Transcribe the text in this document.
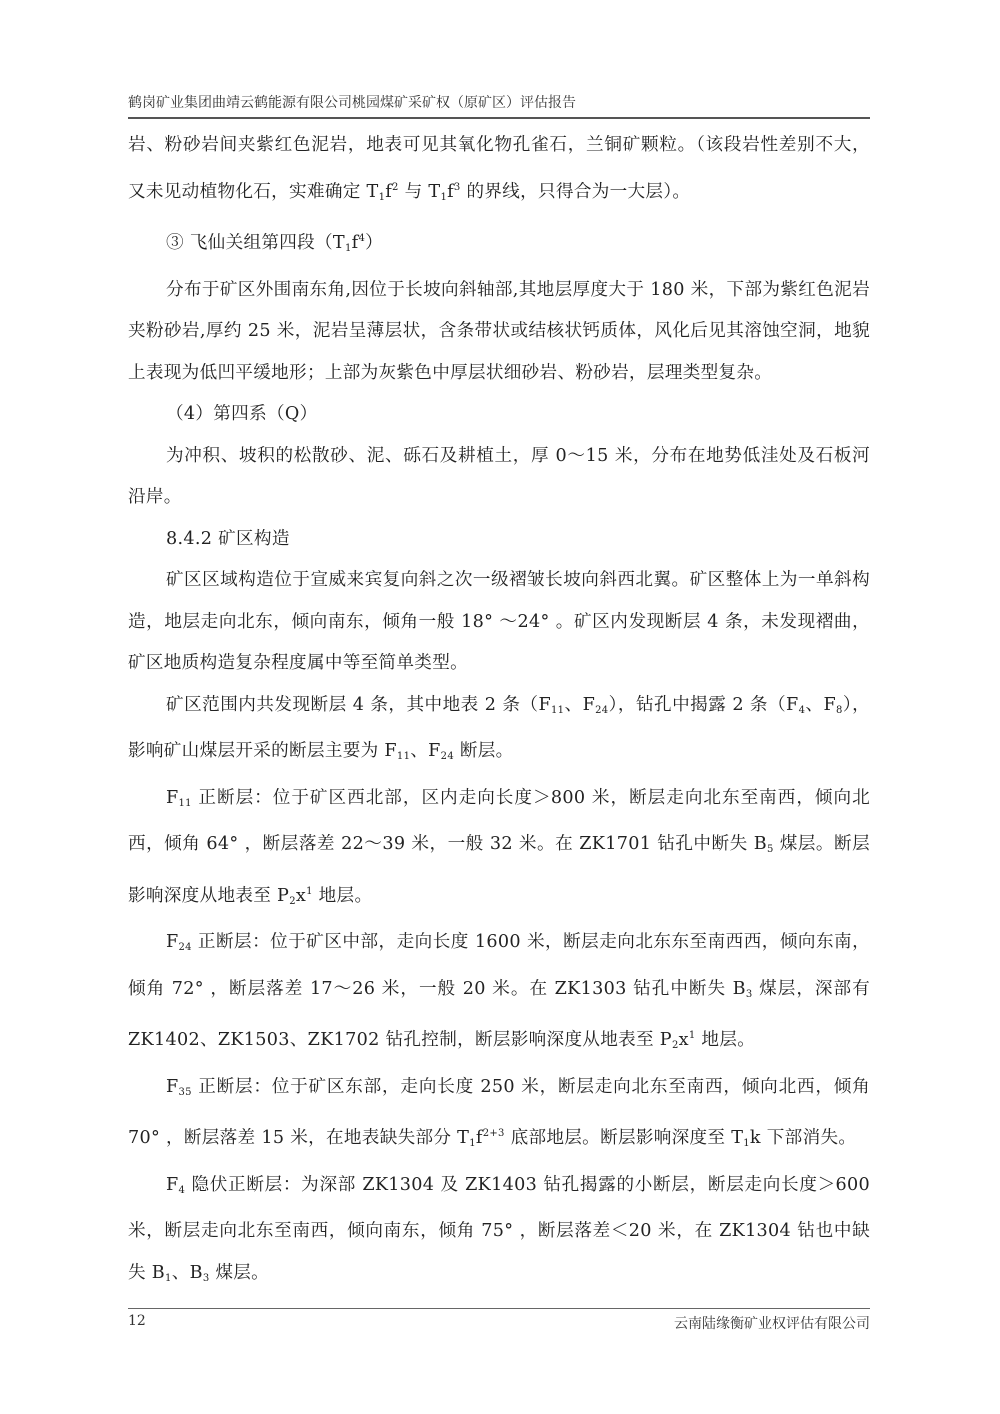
鹤岗矿业集团曲靖云鹤能源有限公司桃园煤矿采矿权（原矿区）评估报告

岩、粉砂岩间夹紫红色泥岩，地表可见其氧化物孔雀石，兰铜矿颗粒。（该段岩性差别不大，又未见动植物化石，实难确定 $T_1f^2$ 与 $T_1f^3$ 的界线，只得合为一大层）。

③ 飞仙关组第四段$(T_1f^4)$

分布于矿区外围南东角,因位于长坡向斜轴部,其地层厚度大于 180 米，下部为紫红色泥岩夹粉砂岩,厚约 25 米，泥岩呈薄层状，含条带状或结核状钙质体，风化后见其溶蚀空洞，地貌上表现为低凹平缓地形；上部为灰紫色中厚层状细砂岩、粉砂岩，层理类型复杂。

（4）第四系（Q）

为冲积、坡积的松散砂、泥、砾石及耕植土，厚 0～15 米，分布在地势低洼处及石板河沿岸。

8.4.2 矿区构造

矿区区域构造位于宣威来宾复向斜之次一级褶皱长坡向斜西北翼。矿区整体上为一单斜构造，地层走向北东，倾向南东，倾角一般 18° ～24° 。矿区内发现断层 4 条，未发现褶曲，矿区地质构造复杂程度属中等至简单类型。

矿区范围内共发现断层 4 条，其中地表 2 条（$F_{11}$、$F_{24}$），钻孔中揭露 2 条（$F_4$、$F_8$），影响矿山煤层开采的断层主要为 $F_{11}$、$F_{24}$ 断层。

$F_{11}$ 正断层：位于矿区西北部，区内走向长度＞800 米，断层走向北东至南西，倾向北西，倾角 64° ，断层落差 22～39 米，一般 32 米。在 ZK1701 钻孔中断失 $B_5$ 煤层。断层影响深度从地表至 $P_2x^1$ 地层。

$F_{24}$ 正断层：位于矿区中部，走向长度 1600 米，断层走向北东东至南西西，倾向东南，倾角 72° ，断层落差 17～26 米，一般 20 米。在 ZK1303 钻孔中断失 $B_3$ 煤层，深部有 ZK1402、ZK1503、ZK1702 钻孔控制，断层影响深度从地表至 $P_2x^1$ 地层。

$F_{35}$ 正断层：位于矿区东部，走向长度 250 米，断层走向北东至南西，倾向北西，倾角 70° ，断层落差 15 米，在地表缺失部分 $T_1f^{2+3}$ 底部地层。断层影响深度至 $T_1k$ 下部消失。

$F_4$ 隐伏正断层：为深部 ZK1304 及 ZK1403 钻孔揭露的小断层，断层走向长度＞600 米，断层走向北东至南西，倾向南东，倾角 75° ，断层落差＜20 米，在 ZK1304 钻也中缺失 $B_1$、$B_3$ 煤层。

12	云南陆缘衡矿业权评估有限公司
